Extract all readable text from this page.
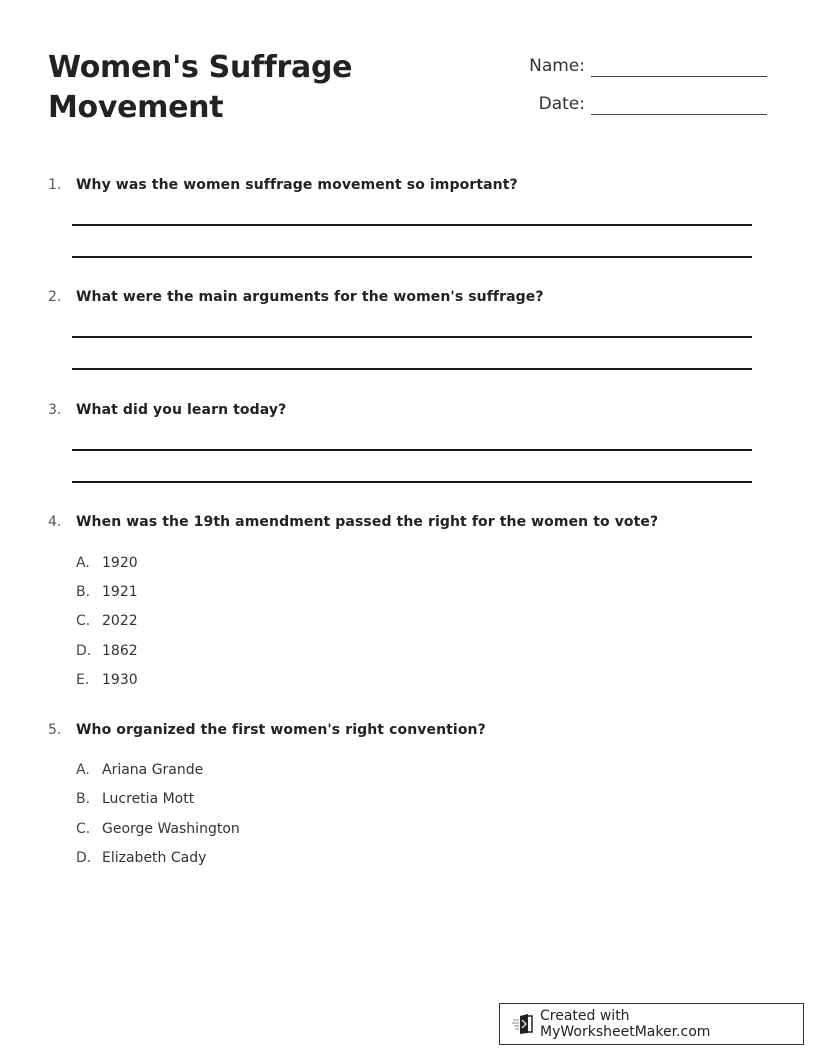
Women's Suffrage
Movement
Name:
Date:
1.	Why was the women suffrage movement so important?
2.	What were the main arguments for the women's suffrage?
3.	What did you learn today?
4.	When was the 19th amendment passed the right for the women to vote?
A. 1920
B. 1921
C. 2022
D. 1862
E. 1930
5.	Who organized the first women's right convention?
A. Ariana Grande
B. Lucretia Mott
C. George Washington
D. Elizabeth Cady
Created with MyWorksheetMaker.com
